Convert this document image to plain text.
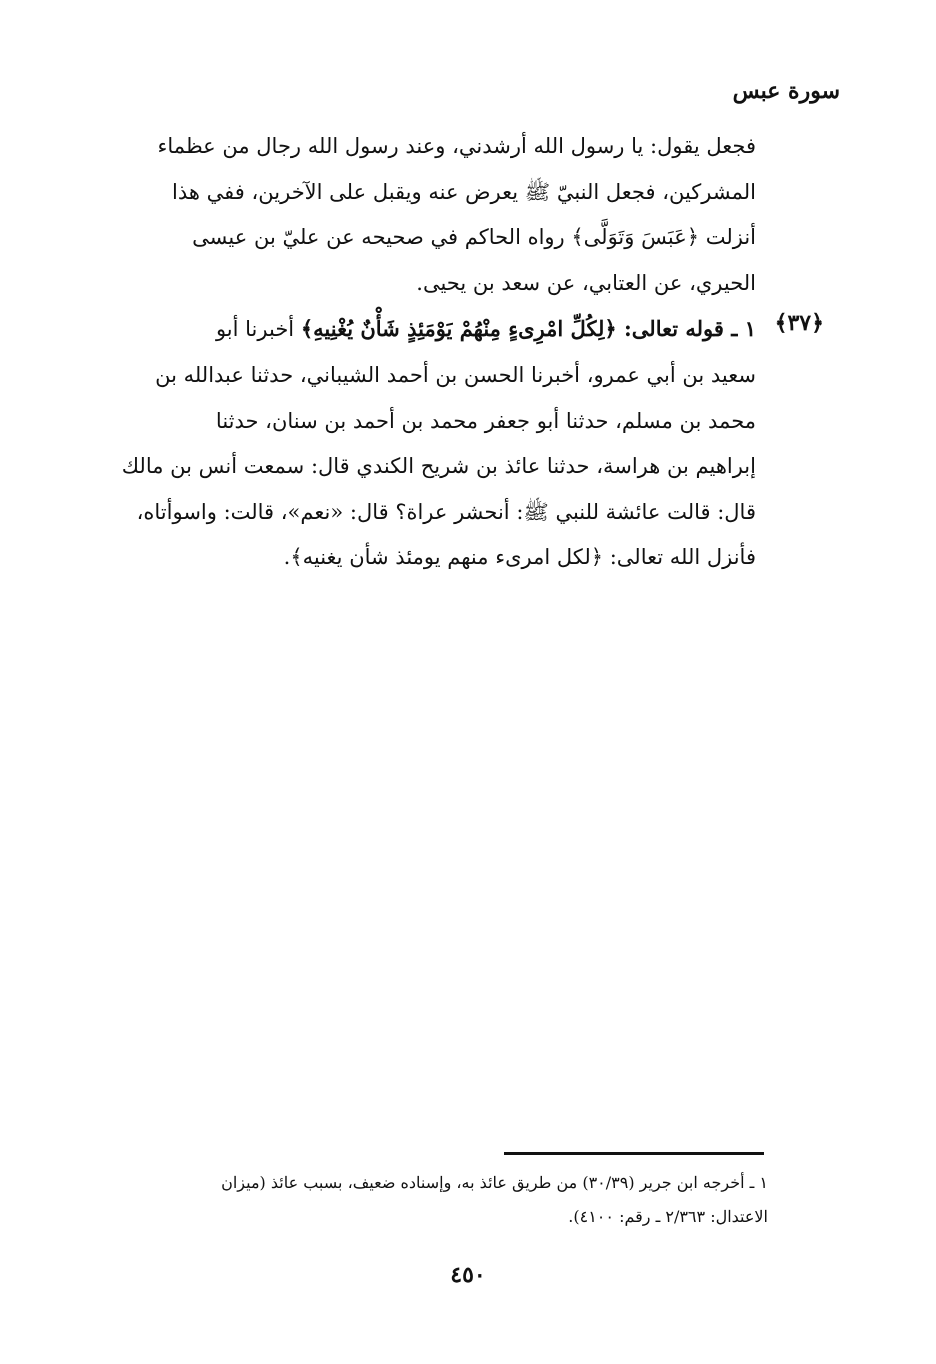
سورة عبس
فجعل يقول: يا رسول الله أرشدني، وعند رسول الله رجال من عظماء
المشركين، فجعل النبيّ ﷺ يعرض عنه ويقبل على الآخرين، ففي هذا
أنزلت ﴿عَبَسَ وَتَوَلَّى﴾ رواه الحاكم في صحيحه عن عليّ بن عيسى
الحيري، عن العتابي، عن سعد بن يحيى.
١ ـ قوله تعالى: ﴿لِكُلِّ امْرِىءٍ مِنْهُمْ يَوْمَئِذٍ شَأْنٌ يُغْنِيهِ﴾ أخبرنا أبو
سعيد بن أبي عمرو، أخبرنا الحسن بن أحمد الشيباني، حدثنا عبدالله بن
محمد بن مسلم، حدثنا أبو جعفر محمد بن أحمد بن سنان، حدثنا
إبراهيم بن هراسة، حدثنا عائذ بن شريح الكندي قال: سمعت أنس بن مالك
قال: قالت عائشة للنبي ﷺ: أنحشر عراة؟ قال: «نعم»، قالت: واسوأتاه،
فأنزل الله تعالى: ﴿لكل امرىء منهم يومئذ شأن يغنيه﴾.
﴿٣٧﴾
١ ـ أخرجه ابن جرير (٣٠/٣٩) من طريق عائذ به، وإسناده ضعيف، بسبب عائذ (ميزان
الاعتدال: ٢/٣٦٣ ـ رقم: ٤١٠٠).
٤٥٠
